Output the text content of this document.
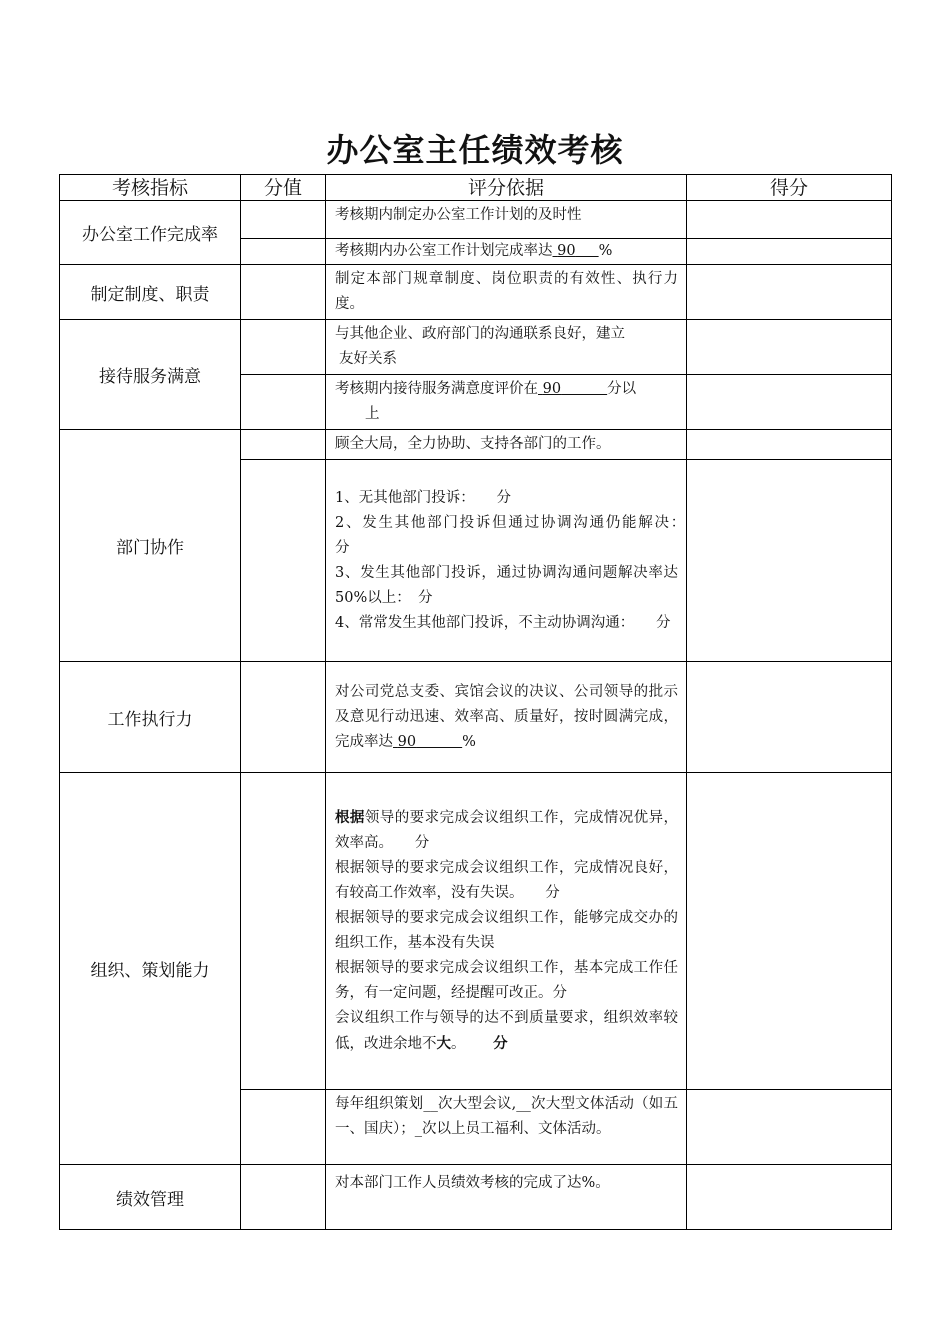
办公室主任绩效考核
考核指标	分值	评分依据	得分
办公室工作完成率		考核期内制定办公室工作计划的及时性	
		考核期内办公室工作计划完成率达 90 %	
制定制度、职责		制定本部门规章制度、岗位职责的有效性、执行力度。	
接待服务满意		与其他企业、政府部门的沟通联系良好，建立
友好关系	

		考核期内接待服务满意度评价在 90 分以
上	

部门协作		顾全大局，全力协助、支持各部门的工作。	

		1、无其他部门投诉：　　分
2、发生其他部门投诉但通过协调沟通仍能解决：　　分
3、发生其他部门投诉，通过协调沟通问题解决率达50%以上：　分
4、常常发生其他部门投诉，不主动协调沟通：　　分	

工作执行力		对公司党总支委、宾馆会议的决议、公司领导的批示及意见行动迅速、效率高、质量好，按时圆满完成，完成率达 90 %	
组织、策划能力		根据领导的要求完成会议组织工作，完成情况优异，效率高。　　分
根据领导的要求完成会议组织工作，完成情况良好，有较高工作效率，没有失误。　　分
根据领导的要求完成会议组织工作，能够完成交办的组织工作，基本没有失误
根据领导的要求完成会议组织工作，基本完成工作任务，有一定问题，经提醒可改正。分
会议组织工作与领导的达不到质量要求，组织效率较低，改进余地不大。 分	

		每年组织策划__次大型会议,__次大型文体活动（如五一、国庆）；_次以上员工福利、文体活动。	
绩效管理		对本部门工作人员绩效考核的完成了达%。	
